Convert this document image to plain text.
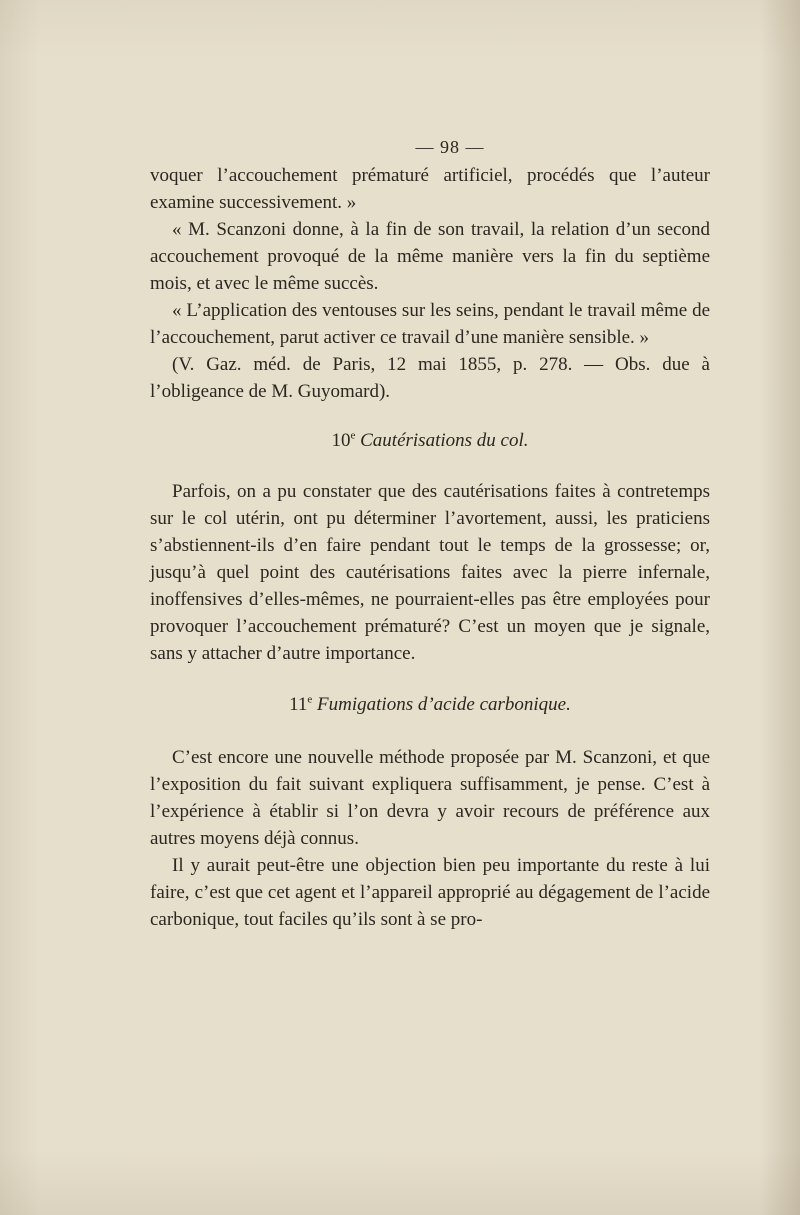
— 98 —

voquer l’accouchement prématuré artificiel, procédés que l’auteur examine successivement. »

« M. Scanzoni donne, à la fin de son travail, la relation d’un second accouchement provoqué de la même manière vers la fin du septième mois, et avec le même succès.

« L’application des ventouses sur les seins, pendant le travail même de l’accouchement, parut activer ce travail d’une manière sensible. »

(V. Gaz. méd. de Paris, 12 mai 1855, p. 278. — Obs. due à l’obligeance de M. Guyomard).

10e Cautérisations du col.

Parfois, on a pu constater que des cautérisations faites à contretemps sur le col utérin, ont pu déterminer l’avortement, aussi, les praticiens s’abstiennent-ils d’en faire pendant tout le temps de la grossesse; or, jusqu’à quel point des cautérisations faites avec la pierre infernale, inoffensives d’elles-mêmes, ne pourraient-elles pas être employées pour provoquer l’accouchement prématuré? C’est un moyen que je signale, sans y attacher d’autre importance.

11e Fumigations d’acide carbonique.

C’est encore une nouvelle méthode proposée par M. Scanzoni, et que l’exposition du fait suivant expliquera suffisamment, je pense. C’est à l’expérience à établir si l’on devra y avoir recours de préférence aux autres moyens déjà connus.

Il y aurait peut-être une objection bien peu importante du reste à lui faire, c’est que cet agent et l’appareil approprié au dégagement de l’acide carbonique, tout faciles qu’ils sont à se pro-
